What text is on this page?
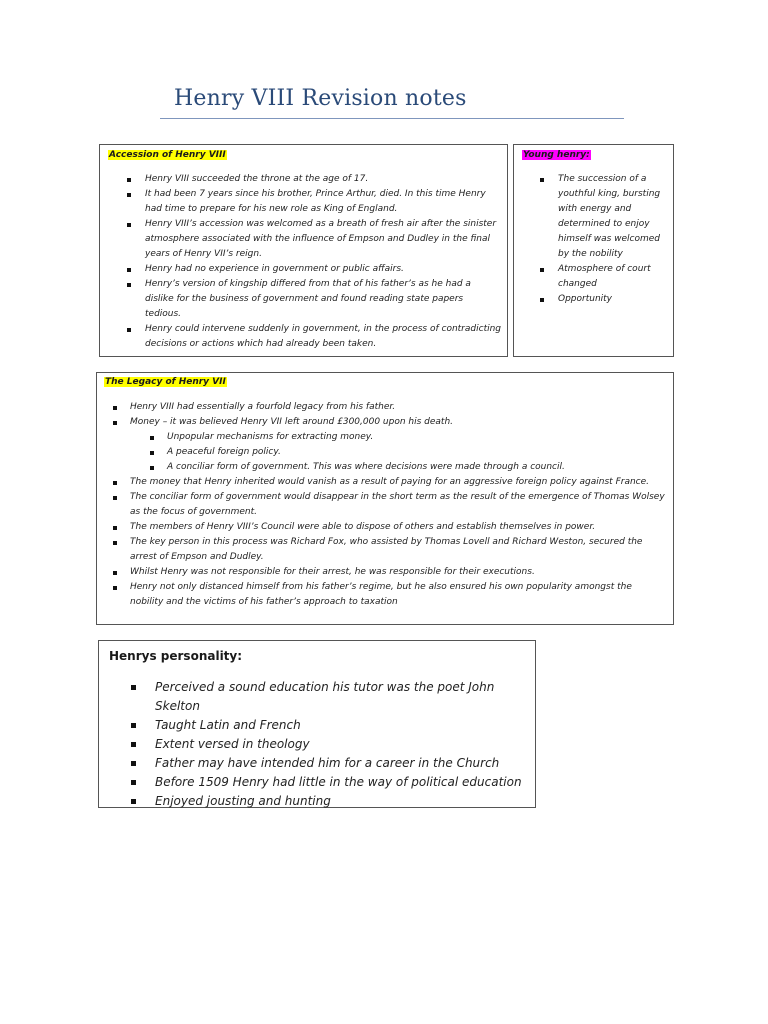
Henry VIII Revision notes
Accession of Henry VIII
Henry VIII succeeded the throne at the age of 17.
It had been 7 years since his brother, Prince Arthur, died. In this time Henry had time to prepare for his new role as King of England.
Henry VIII’s accession was welcomed as a breath of fresh air after the sinister atmosphere associated with the influence of Empson and Dudley in the final years of Henry VII’s reign.
Henry had no experience in government or public affairs.
Henry’s version of kingship differed from that of his father’s as he had a dislike for the business of government and found reading state papers tedious.
Henry could intervene suddenly in government, in the process of contradicting decisions or actions which had already been taken.
Young henry:
The succession of a youthful king, bursting with energy and determined to enjoy himself was welcomed by the nobility
Atmosphere of court changed
Opportunity
The Legacy of Henry VII
Henry VIII had essentially a fourfold legacy from his father.
Money – it was believed Henry VII left around £300,000 upon his death.
Unpopular mechanisms for extracting money.
A peaceful foreign policy.
A conciliar form of government. This was where decisions were made through a council.
The money that Henry inherited would vanish as a result of paying for an aggressive foreign policy against France.
The conciliar form of government would disappear in the short term as the result of the emergence of Thomas Wolsey as the focus of government.
The members of Henry VIII’s Council were able to dispose of others and establish themselves in power.
The key person in this process was Richard Fox, who assisted by Thomas Lovell and Richard Weston, secured the arrest of Empson and Dudley.
Whilst Henry was not responsible for their arrest, he was responsible for their executions.
Henry not only distanced himself from his father’s regime, but he also ensured his own popularity amongst the nobility and the victims of his father’s approach to taxation
Henrys personality:
Perceived a sound education his tutor was the poet John Skelton
Taught Latin and French
Extent versed in theology
Father may have intended him for a career in the Church
Before 1509 Henry had little in the way of political education
Enjoyed jousting and hunting
